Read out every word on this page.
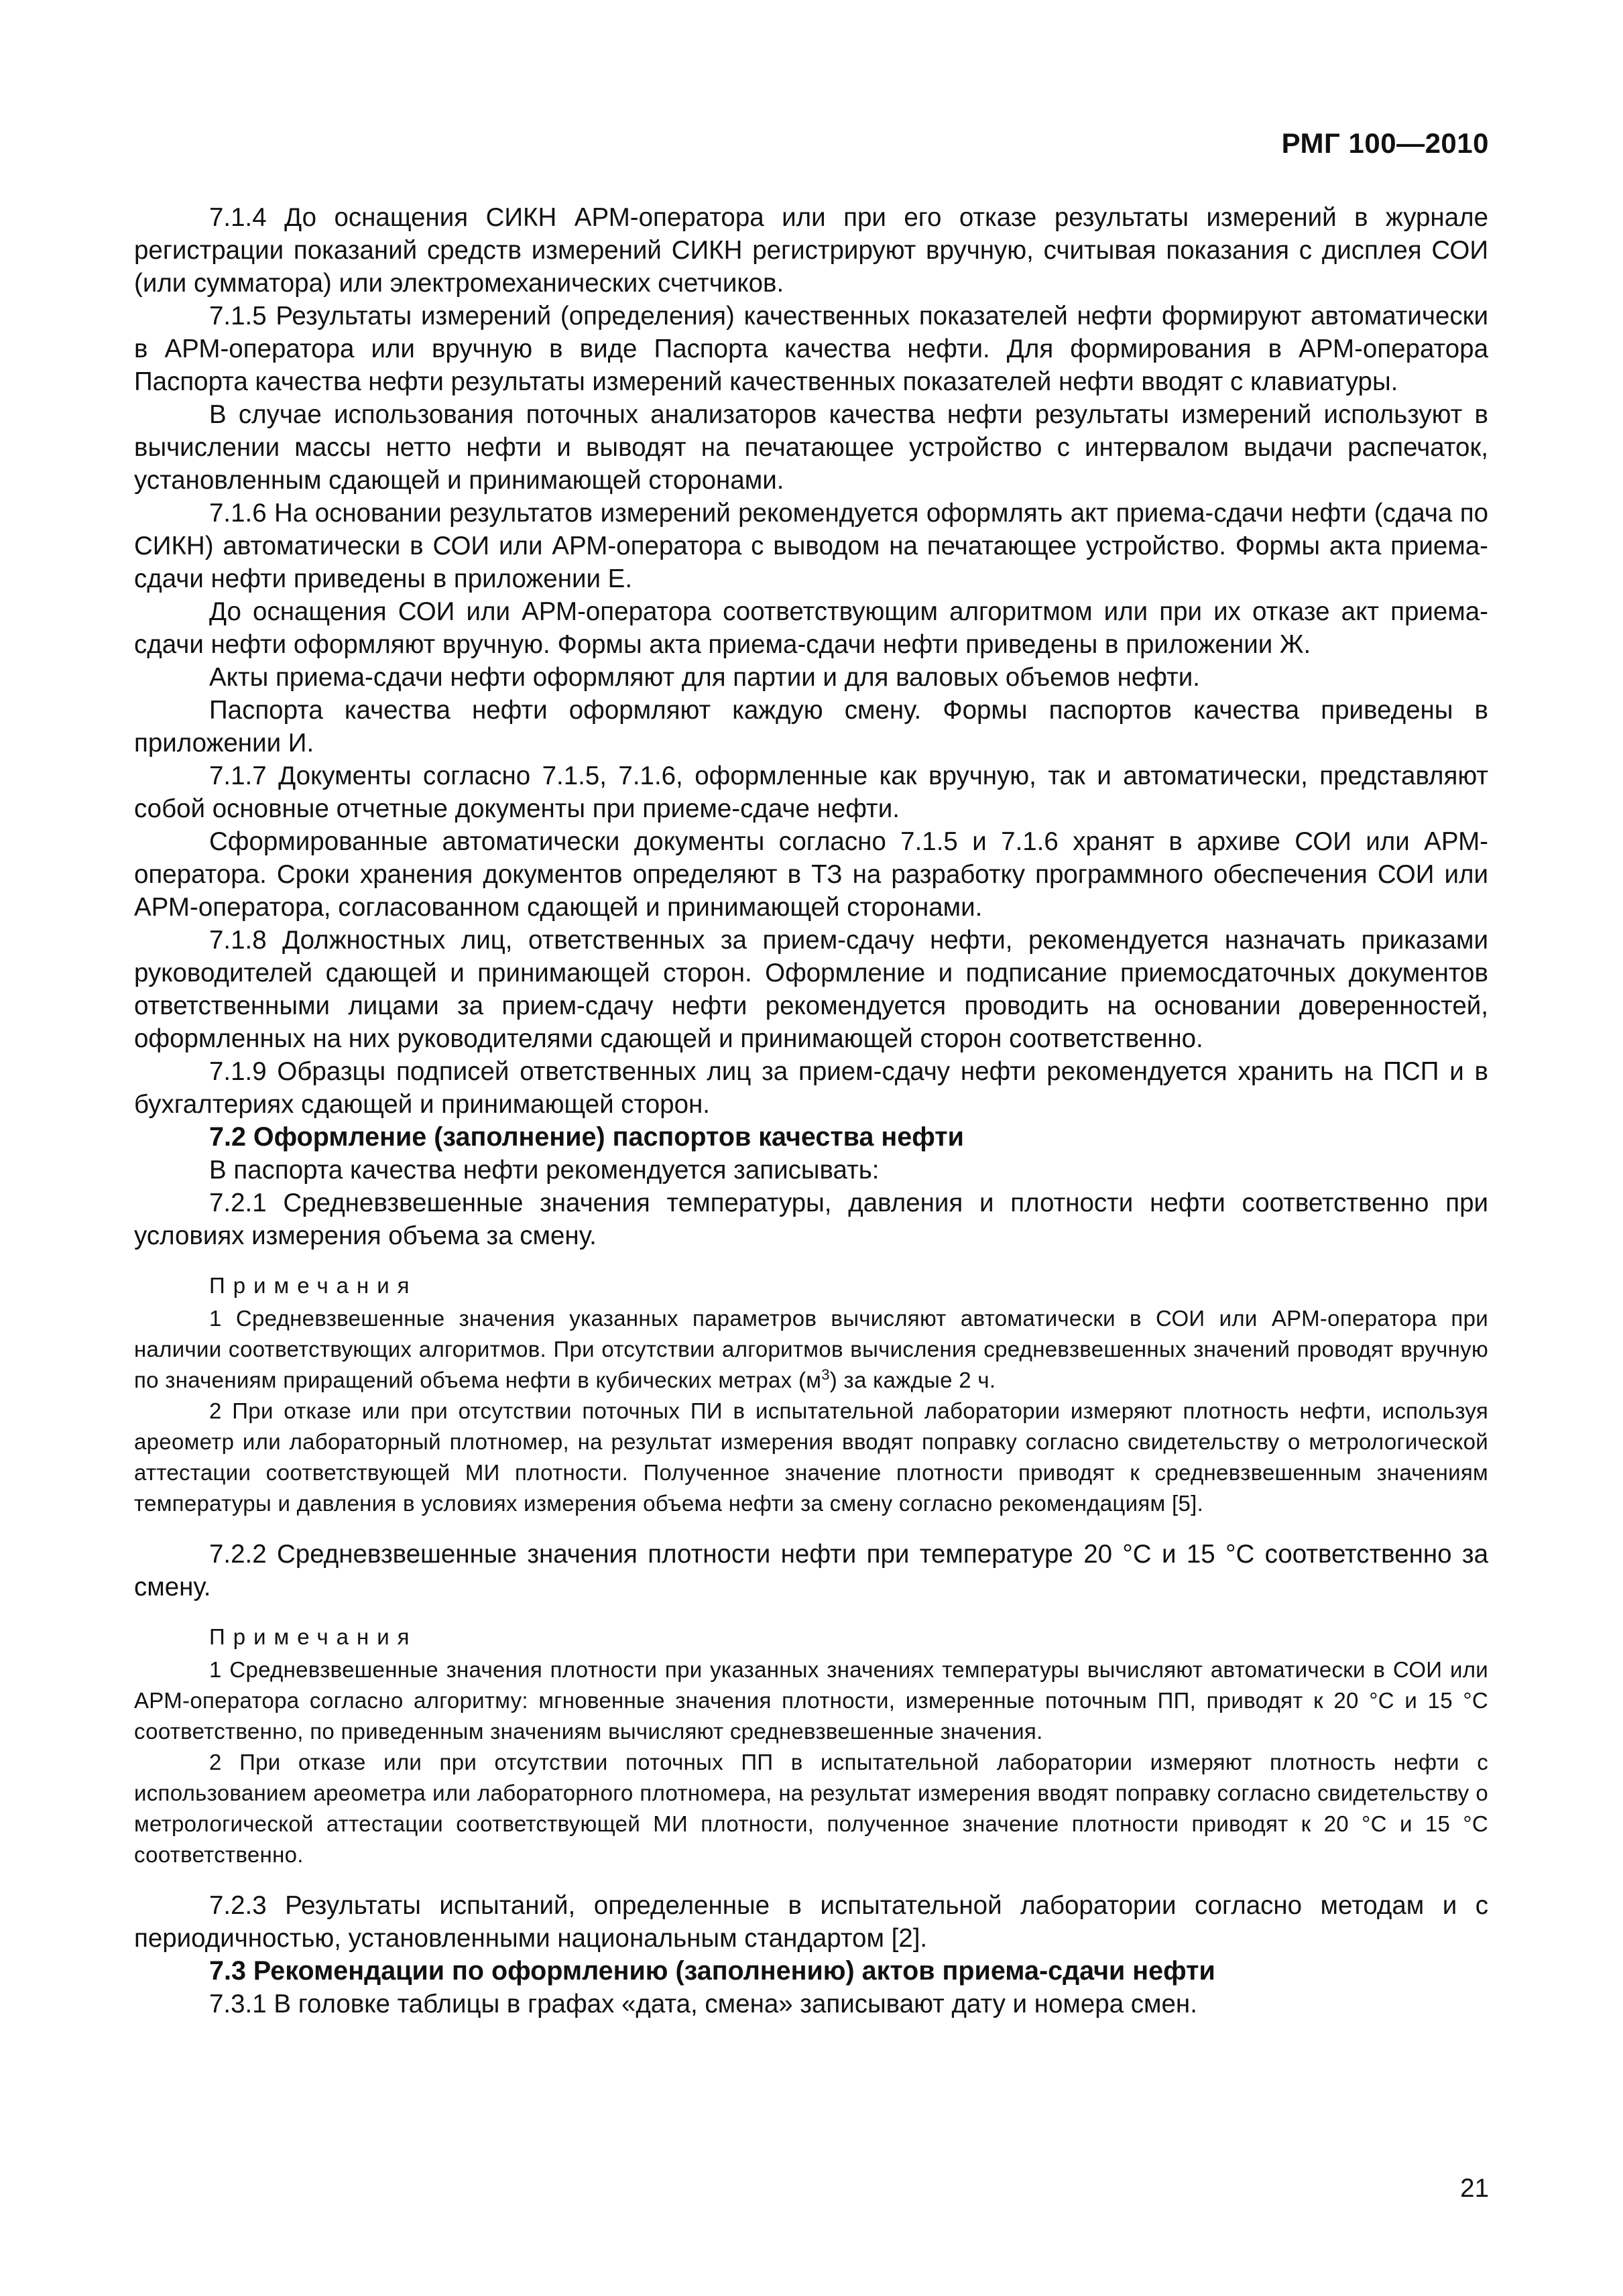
РМГ 100—2010

7.1.4 До оснащения СИКН АРМ-оператора или при его отказе результаты измерений в журнале регистрации показаний средств измерений СИКН регистрируют вручную, считывая показания с дисплея СОИ (или сумматора) или электромеханических счетчиков.

7.1.5 Результаты измерений (определения) качественных показателей нефти формируют автоматически в АРМ-оператора или вручную в виде Паспорта качества нефти. Для формирования в АРМ-оператора Паспорта качества нефти результаты измерений качественных показателей нефти вводят с клавиатуры.

В случае использования поточных анализаторов качества нефти результаты измерений используют в вычислении массы нетто нефти и выводят на печатающее устройство с интервалом выдачи распечаток, установленным сдающей и принимающей сторонами.

7.1.6 На основании результатов измерений рекомендуется оформлять акт приема-сдачи нефти (сдача по СИКН) автоматически в СОИ или АРМ-оператора с выводом на печатающее устройство. Формы акта приема-сдачи нефти приведены в приложении Е.

До оснащения СОИ или АРМ-оператора соответствующим алгоритмом или при их отказе акт приема-сдачи нефти оформляют вручную. Формы акта приема-сдачи нефти приведены в приложении Ж.

Акты приема-сдачи нефти оформляют для партии и для валовых объемов нефти.

Паспорта качества нефти оформляют каждую смену. Формы паспортов качества приведены в приложении И.

7.1.7 Документы согласно 7.1.5, 7.1.6, оформленные как вручную, так и автоматически, представляют собой основные отчетные документы при приеме-сдаче нефти.

Сформированные автоматически документы согласно 7.1.5 и 7.1.6 хранят в архиве СОИ или АРМ-оператора. Сроки хранения документов определяют в ТЗ на разработку программного обеспечения СОИ или АРМ-оператора, согласованном сдающей и принимающей сторонами.

7.1.8 Должностных лиц, ответственных за прием-сдачу нефти, рекомендуется назначать приказами руководителей сдающей и принимающей сторон. Оформление и подписание приемосдаточных документов ответственными лицами за прием-сдачу нефти рекомендуется проводить на основании доверенностей, оформленных на них руководителями сдающей и принимающей сторон соответственно.

7.1.9 Образцы подписей ответственных лиц за прием-сдачу нефти рекомендуется хранить на ПСП и в бухгалтериях сдающей и принимающей сторон.

7.2 Оформление (заполнение) паспортов качества нефти

В паспорта качества нефти рекомендуется записывать:

7.2.1 Средневзвешенные значения температуры, давления и плотности нефти соответственно при условиях измерения объема за смену.

Примечания

1 Средневзвешенные значения указанных параметров вычисляют автоматически в СОИ или АРМ-оператора при наличии соответствующих алгоритмов. При отсутствии алгоритмов вычисления средневзвешенных значений проводят вручную по значениям приращений объема нефти в кубических метрах $(м^3)$ за каждые 2 ч.

2 При отказе или при отсутствии поточных ПИ в испытательной лаборатории измеряют плотность нефти, используя ареометр или лабораторный плотномер, на результат измерения вводят поправку согласно свидетельству о метрологической аттестации соответствующей МИ плотности. Полученное значение плотности приводят к средневзвешенным значениям температуры и давления в условиях измерения объема нефти за смену согласно рекомендациям [5].

7.2.2 Средневзвешенные значения плотности нефти при температуре 20 °С и 15 °С соответственно за смену.

Примечания

1 Средневзвешенные значения плотности при указанных значениях температуры вычисляют автоматически в СОИ или АРМ-оператора согласно алгоритму: мгновенные значения плотности, измеренные поточным ПП, приводят к 20 °С и 15 °С соответственно, по приведенным значениям вычисляют средневзвешенные значения.

2 При отказе или при отсутствии поточных ПП в испытательной лаборатории измеряют плотность нефти с использованием ареометра или лабораторного плотномера, на результат измерения вводят поправку согласно свидетельству о метрологической аттестации соответствующей МИ плотности, полученное значение плотности приводят к 20 °С и 15 °С соответственно.

7.2.3 Результаты испытаний, определенные в испытательной лаборатории согласно методам и с периодичностью, установленными национальным стандартом [2].

7.3 Рекомендации по оформлению (заполнению) актов приема-сдачи нефти

7.3.1 В головке таблицы в графах «дата, смена» записывают дату и номера смен.

21
